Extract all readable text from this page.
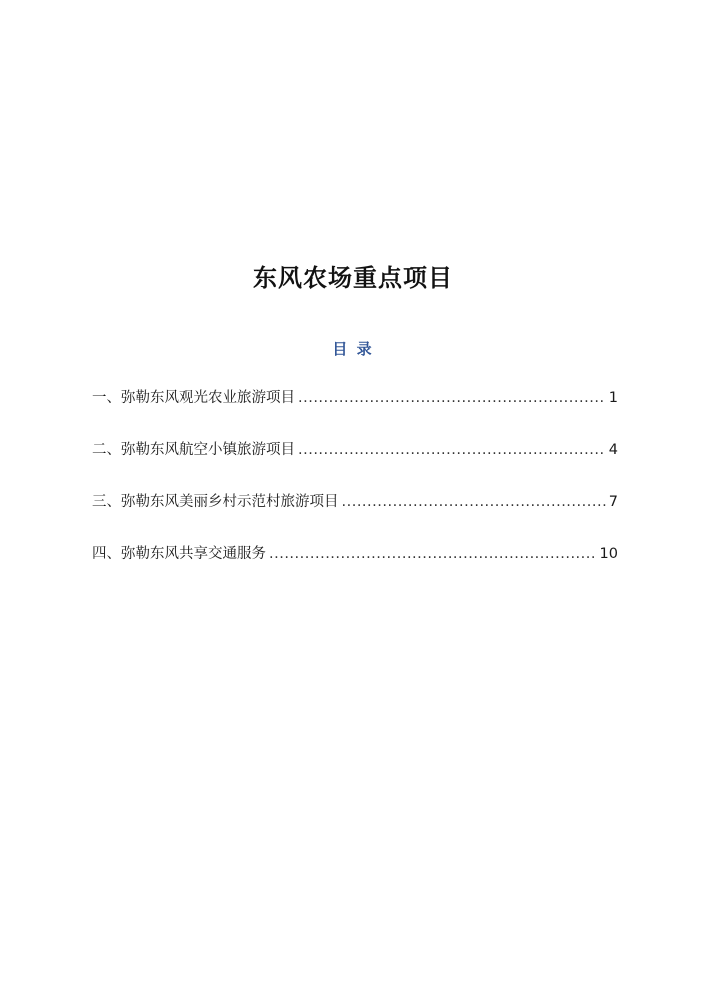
东风农场重点项目
目 录
一、弥勒东风观光农业旅游项目 .....	1
二、弥勒东风航空小镇旅游项目 .....	4
三、弥勒东风美丽乡村示范村旅游项目 .....	7
四、弥勒东风共享交通服务 .....	10
